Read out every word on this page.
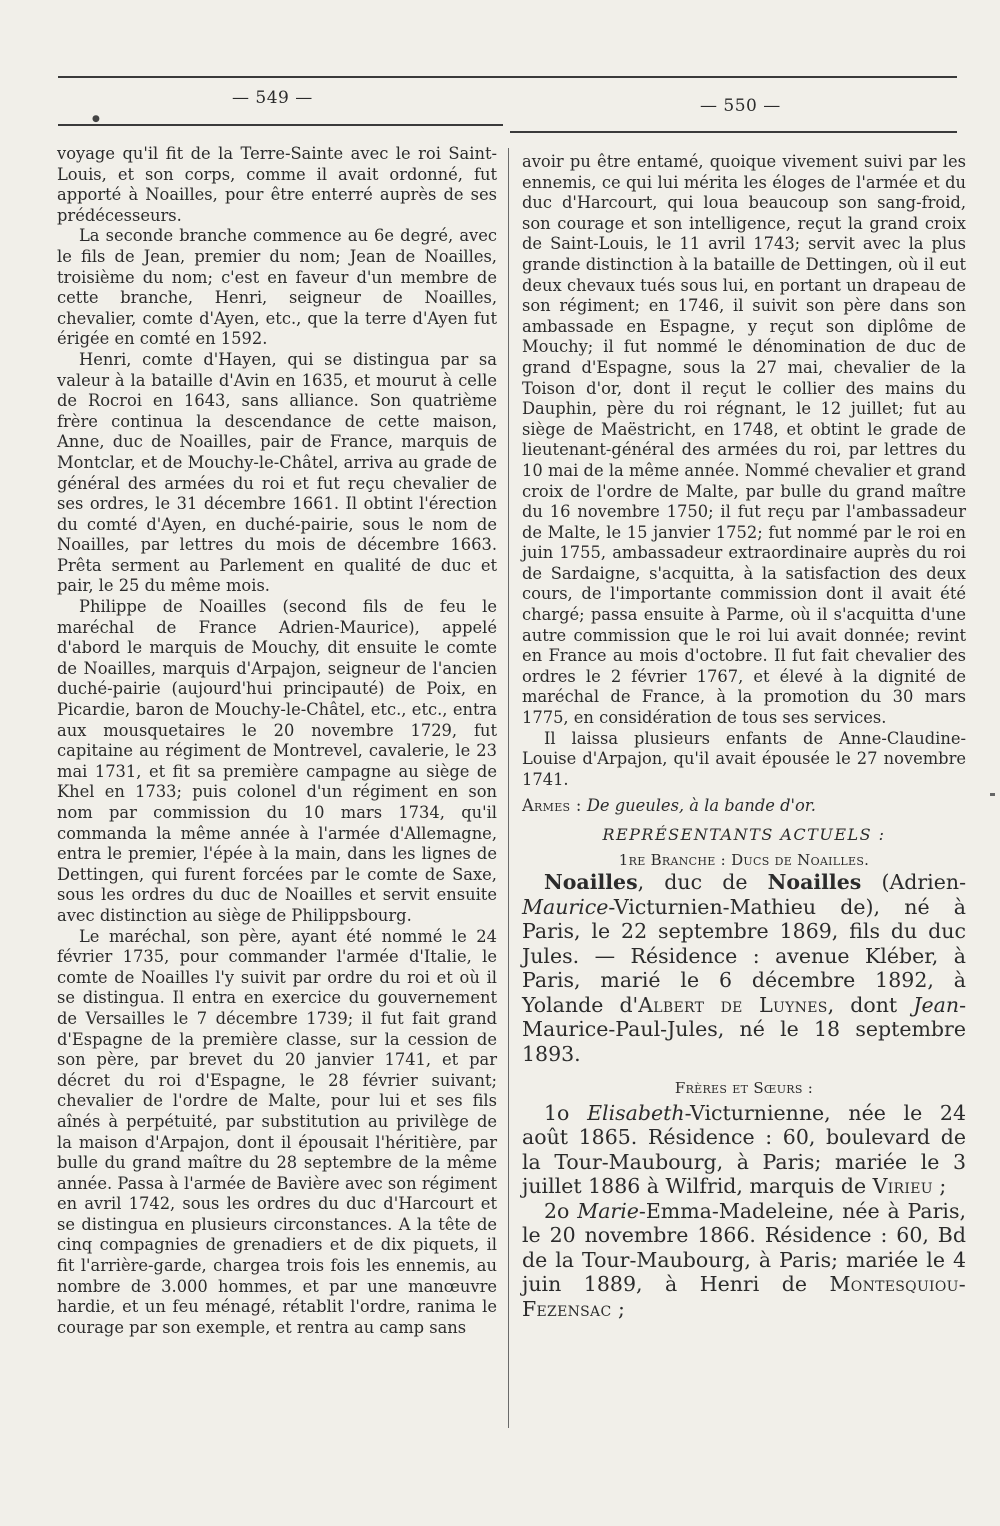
— 549 —
●
— 550 —

voyage qu'il fit de la Terre-Sainte avec le roi Saint-Louis, et son corps, comme il avait ordonné, fut apporté à Noailles, pour être enterré auprès de ses prédécesseurs.

La seconde branche commence au 6e degré, avec le fils de Jean, premier du nom; Jean de Noailles, troisième du nom; c'est en faveur d'un membre de cette branche, Henri, seigneur de Noailles, chevalier, comte d'Ayen, etc., que la terre d'Ayen fut érigée en comté en 1592.

Henri, comte d'Hayen, qui se distingua par sa valeur à la bataille d'Avin en 1635, et mourut à celle de Rocroi en 1643, sans alliance. Son quatrième frère continua la descendance de cette maison, Anne, duc de Noailles, pair de France, marquis de Montclar, et de Mouchy-le-Châtel, arriva au grade de général des armées du roi et fut reçu chevalier de ses ordres, le 31 décembre 1661. Il obtint l'érection du comté d'Ayen, en duché-pairie, sous le nom de Noailles, par lettres du mois de décembre 1663. Prêta serment au Parlement en qualité de duc et pair, le 25 du même mois.

Philippe de Noailles (second fils de feu le maréchal de France Adrien-Maurice), appelé d'abord le marquis de Mouchy, dit ensuite le comte de Noailles, marquis d'Arpajon, seigneur de l'ancien duché-pairie (aujourd'hui principauté) de Poix, en Picardie, baron de Mouchy-le-Châtel, etc., etc., entra aux mousquetaires le 20 novembre 1729, fut capitaine au régiment de Montrevel, cavalerie, le 23 mai 1731, et fit sa première campagne au siège de Khel en 1733; puis colonel d'un régiment en son nom par commission du 10 mars 1734, qu'il commanda la même année à l'armée d'Allemagne, entra le premier, l'épée à la main, dans les lignes de Dettingen, qui furent forcées par le comte de Saxe, sous les ordres du duc de Noailles et servit ensuite avec distinction au siège de Philippsbourg.

Le maréchal, son père, ayant été nommé le 24 février 1735, pour commander l'armée d'Italie, le comte de Noailles l'y suivit par ordre du roi et où il se distingua. Il entra en exercice du gouvernement de Versailles le 7 décembre 1739; il fut fait grand d'Espagne de la première classe, sur la cession de son père, par brevet du 20 janvier 1741, et par décret du roi d'Espagne, le 28 février suivant; chevalier de l'ordre de Malte, pour lui et ses fils aînés à perpétuité, par substitution au privilège de la maison d'Arpajon, dont il épousait l'héritière, par bulle du grand maître du 28 septembre de la même année. Passa à l'armée de Bavière avec son régiment en avril 1742, sous les ordres du duc d'Harcourt et se distingua en plusieurs circonstances. A la tête de cinq compagnies de grenadiers et de dix piquets, il fit l'arrière-garde, chargea trois fois les ennemis, au nombre de 3.000 hommes, et par une manœuvre hardie, et un feu ménagé, rétablit l'ordre, ranima le courage par son exemple, et rentra au camp sans

avoir pu être entamé, quoique vivement suivi par les ennemis, ce qui lui mérita les éloges de l'armée et du duc d'Harcourt, qui loua beaucoup son sang-froid, son courage et son intelligence, reçut la grand croix de Saint-Louis, le 11 avril 1743; servit avec la plus grande distinction à la bataille de Dettingen, où il eut deux chevaux tués sous lui, en portant un drapeau de son régiment; en 1746, il suivit son père dans son ambassade en Espagne, y reçut son diplôme de Mouchy; il fut nommé le dénomination de duc de grand d'Espagne, sous la 27 mai, chevalier de la Toison d'or, dont il reçut le collier des mains du Dauphin, père du roi régnant, le 12 juillet; fut au siège de Maëstricht, en 1748, et obtint le grade de lieutenant-général des armées du roi, par lettres du 10 mai de la même année. Nommé chevalier et grand croix de l'ordre de Malte, par bulle du grand maître du 16 novembre 1750; il fut reçu par l'ambassadeur de Malte, le 15 janvier 1752; fut nommé par le roi en juin 1755, ambassadeur extraordinaire auprès du roi de Sardaigne, s'acquitta, à la satisfaction des deux cours, de l'importante commission dont il avait été chargé; passa ensuite à Parme, où il s'acquitta d'une autre commission que le roi lui avait donnée; revint en France au mois d'octobre. Il fut fait chevalier des ordres le 2 février 1767, et élevé à la dignité de maréchal de France, à la promotion du 30 mars 1775, en considération de tous ses services.

Il laissa plusieurs enfants de Anne-Claudine-Louise d'Arpajon, qu'il avait épousée le 27 novembre 1741.

Armes : De gueules, à la bande d'or.

REPRÉSENTANTS ACTUELS :

1re Branche : Ducs de Noailles.

Noailles, duc de Noailles (Adrien-Maurice-Victurnien-Mathieu de), né à Paris, le 22 septembre 1869, fils du duc Jules. — Résidence : avenue Kléber, à Paris, marié le 6 décembre 1892, à Yolande d'Albert de Luynes, dont Jean-Maurice-Paul-Jules, né le 18 septembre 1893.

Frères et Sœurs :

1o Elisabeth-Victurnienne, née le 24 août 1865. Résidence : 60, boulevard de la Tour-Maubourg, à Paris; mariée le 3 juillet 1886 à Wilfrid, marquis de Virieu ;

2o Marie-Emma-Madeleine, née à Paris, le 20 novembre 1866. Résidence : 60, Bd de la Tour-Maubourg, à Paris; mariée le 4 juin 1889, à Henri de Montesquiou-Fezensac ;
